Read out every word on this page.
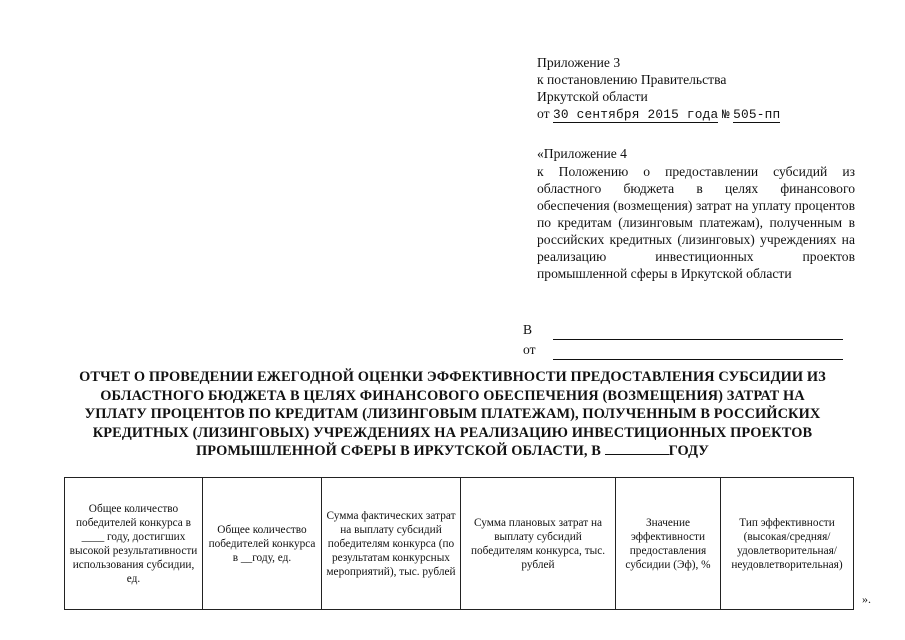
Приложение 3
к постановлению Правительства
Иркутской области
от 30 сентября 2015 года № 505-пп
«Приложение 4
к Положению о предоставлении субсидий из областного бюджета в целях финансового обеспечения (возмещения) затрат на уплату процентов по кредитам (лизинговым платежам), полученным в российских кредитных (лизинговых) учреждениях на реализацию инвестиционных проектов промышленной сферы в Иркутской области
В
от
ОТЧЕТ О ПРОВЕДЕНИИ ЕЖЕГОДНОЙ ОЦЕНКИ ЭФФЕКТИВНОСТИ ПРЕДОСТАВЛЕНИЯ СУБСИДИИ ИЗ
ОБЛАСТНОГО БЮДЖЕТА В ЦЕЛЯХ ФИНАНСОВОГО ОБЕСПЕЧЕНИЯ (ВОЗМЕЩЕНИЯ) ЗАТРАТ НА
УПЛАТУ ПРОЦЕНТОВ ПО КРЕДИТАМ (ЛИЗИНГОВЫМ ПЛАТЕЖАМ), ПОЛУЧЕННЫМ В РОССИЙСКИХ
КРЕДИТНЫХ (ЛИЗИНГОВЫХ) УЧРЕЖДЕНИЯХ НА РЕАЛИЗАЦИЮ ИНВЕСТИЦИОННЫХ ПРОЕКТОВ
ПРОМЫШЛЕННОЙ СФЕРЫ В ИРКУТСКОЙ ОБЛАСТИ, В	ГОДУ
Общее количество победителей конкурса в ____ году, достигших высокой результативности использования субсидии, ед.	Общее количество победителей конкурса в __году, ед.	Сумма фактических затрат на выплату субсидий победителям конкурса (по результатам конкурсных мероприятий), тыс. рублей	Сумма плановых затрат на выплату субсидий победителям конкурса, тыс. рублей	Значение эффективности предоставления субсидии (Эф), %	Тип эффективности (высокая/средняя/ удовлетворительная/ неудовлетворительная)
».
